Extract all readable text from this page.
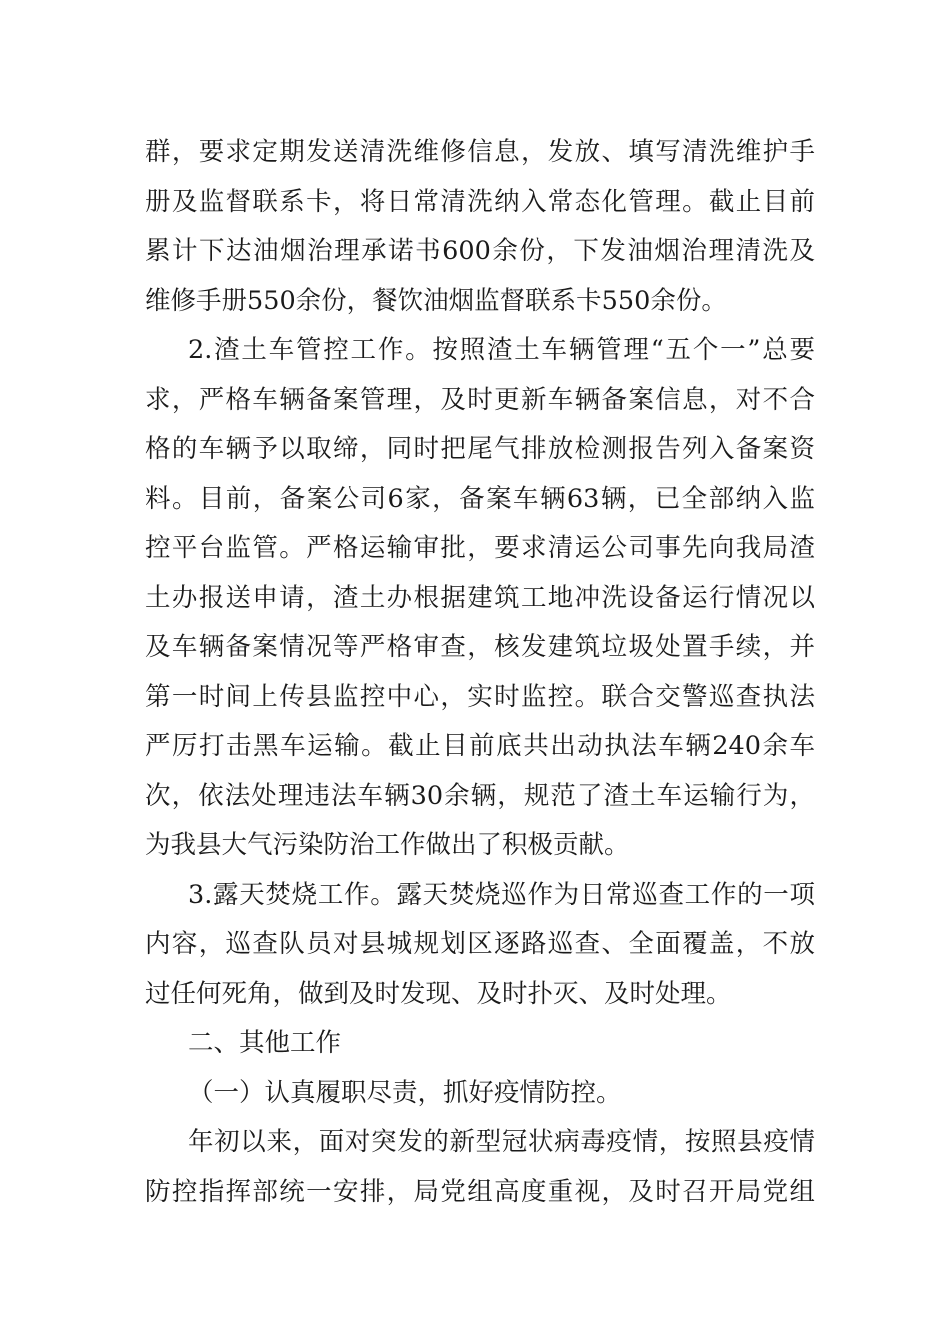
群，要求定期发送清洗维修信息，发放、填写清洗维护手
册及监督联系卡，将日常清洗纳入常态化管理。截止目前
累计下达油烟治理承诺书600余份，下发油烟治理清洗及
维修手册550余份，餐饮油烟监督联系卡550余份。
2.渣土车管控工作。按照渣土车辆管理“五个一”总要
求，严格车辆备案管理，及时更新车辆备案信息，对不合
格的车辆予以取缔，同时把尾气排放检测报告列入备案资
料。目前，备案公司6家，备案车辆63辆，已全部纳入监
控平台监管。严格运输审批，要求清运公司事先向我局渣
土办报送申请，渣土办根据建筑工地冲洗设备运行情况以
及车辆备案情况等严格审查，核发建筑垃圾处置手续，并
第一时间上传县监控中心，实时监控。联合交警巡查执法
严厉打击黑车运输。截止目前底共出动执法车辆240余车
次，依法处理违法车辆30余辆，规范了渣土车运输行为，
为我县大气污染防治工作做出了积极贡献。
3.露天焚烧工作。露天焚烧巡作为日常巡查工作的一项
内容，巡查队员对县城规划区逐路巡查、全面覆盖，不放
过任何死角，做到及时发现、及时扑灭、及时处理。
二、其他工作
（一）认真履职尽责，抓好疫情防控。
年初以来，面对突发的新型冠状病毒疫情，按照县疫情
防控指挥部统一安排，局党组高度重视，及时召开局党组
